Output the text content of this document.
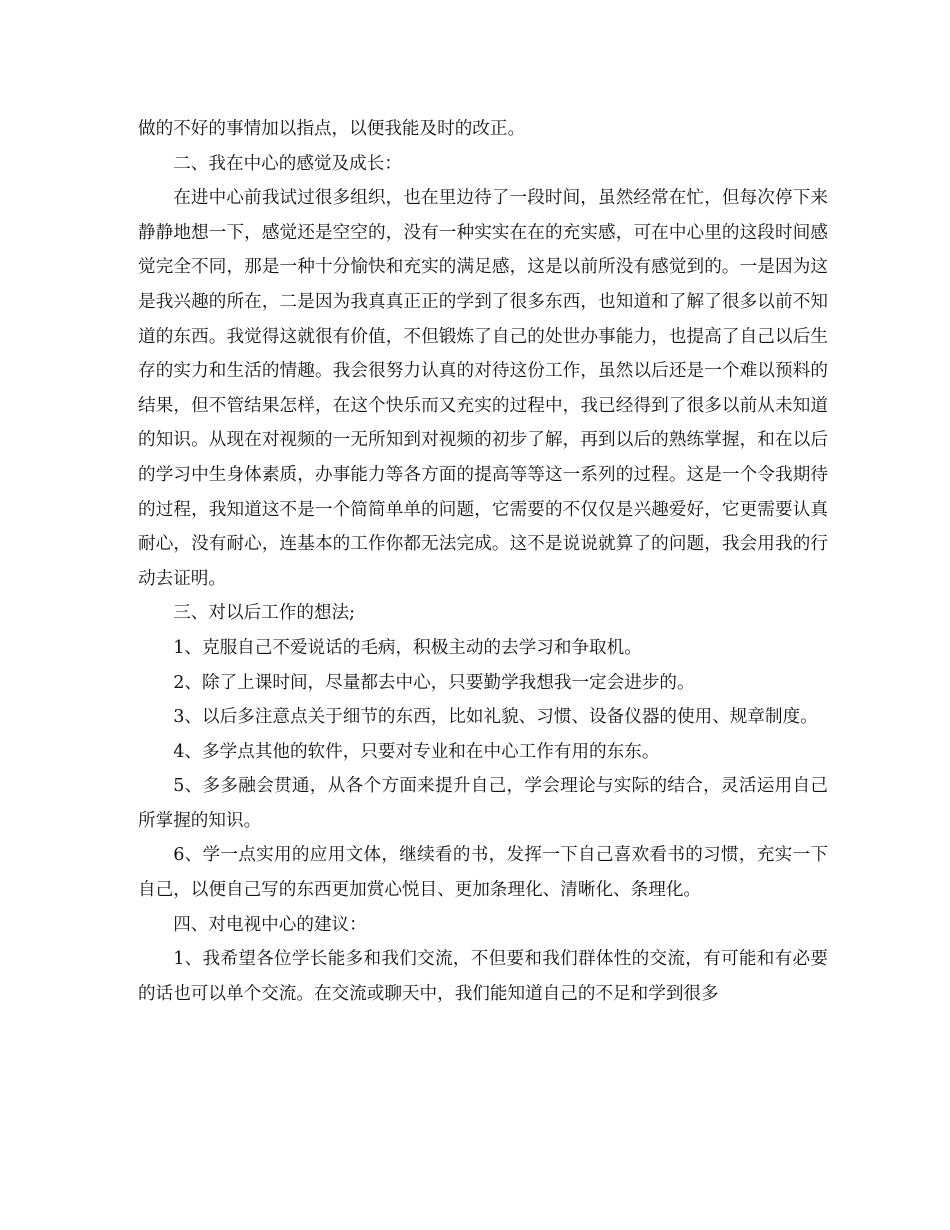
做的不好的事情加以指点，以便我能及时的改正。

二、我在中心的感觉及成长：

在进中心前我试过很多组织，也在里边待了一段时间，虽然经常在忙，但每次停下来静静地想一下，感觉还是空空的，没有一种实实在在的充实感，可在中心里的这段时间感觉完全不同，那是一种十分愉快和充实的满足感，这是以前所没有感觉到的。一是因为这是我兴趣的所在，二是因为我真真正正的学到了很多东西，也知道和了解了很多以前不知道的东西。我觉得这就很有价值，不但锻炼了自己的处世办事能力，也提高了自己以后生存的实力和生活的情趣。我会很努力认真的对待这份工作，虽然以后还是一个难以预料的结果，但不管结果怎样，在这个快乐而又充实的过程中，我已经得到了很多以前从未知道的知识。从现在对视频的一无所知到对视频的初步了解，再到以后的熟练掌握，和在以后的学习中生身体素质，办事能力等各方面的提高等等这一系列的过程。这是一个令我期待的过程，我知道这不是一个简简单单的问题，它需要的不仅仅是兴趣爱好，它更需要认真耐心，没有耐心，连基本的工作你都无法完成。这不是说说就算了的问题，我会用我的行动去证明。

三、对以后工作的想法;

1、克服自己不爱说话的毛病，积极主动的去学习和争取机。

2、除了上课时间，尽量都去中心，只要勤学我想我一定会进步的。

3、以后多注意点关于细节的东西，比如礼貌、习惯、设备仪器的使用、规章制度。

4、多学点其他的软件，只要对专业和在中心工作有用的东东。

5、多多融会贯通，从各个方面来提升自己，学会理论与实际的结合，灵活运用自己所掌握的知识。

6、学一点实用的应用文体，继续看的书，发挥一下自己喜欢看书的习惯，充实一下自己，以便自己写的东西更加赏心悦目、更加条理化、清晰化、条理化。

四、对电视中心的建议：

1、我希望各位学长能多和我们交流，不但要和我们群体性的交流，有可能和有必要的话也可以单个交流。在交流或聊天中，我们能知道自己的不足和学到很多
